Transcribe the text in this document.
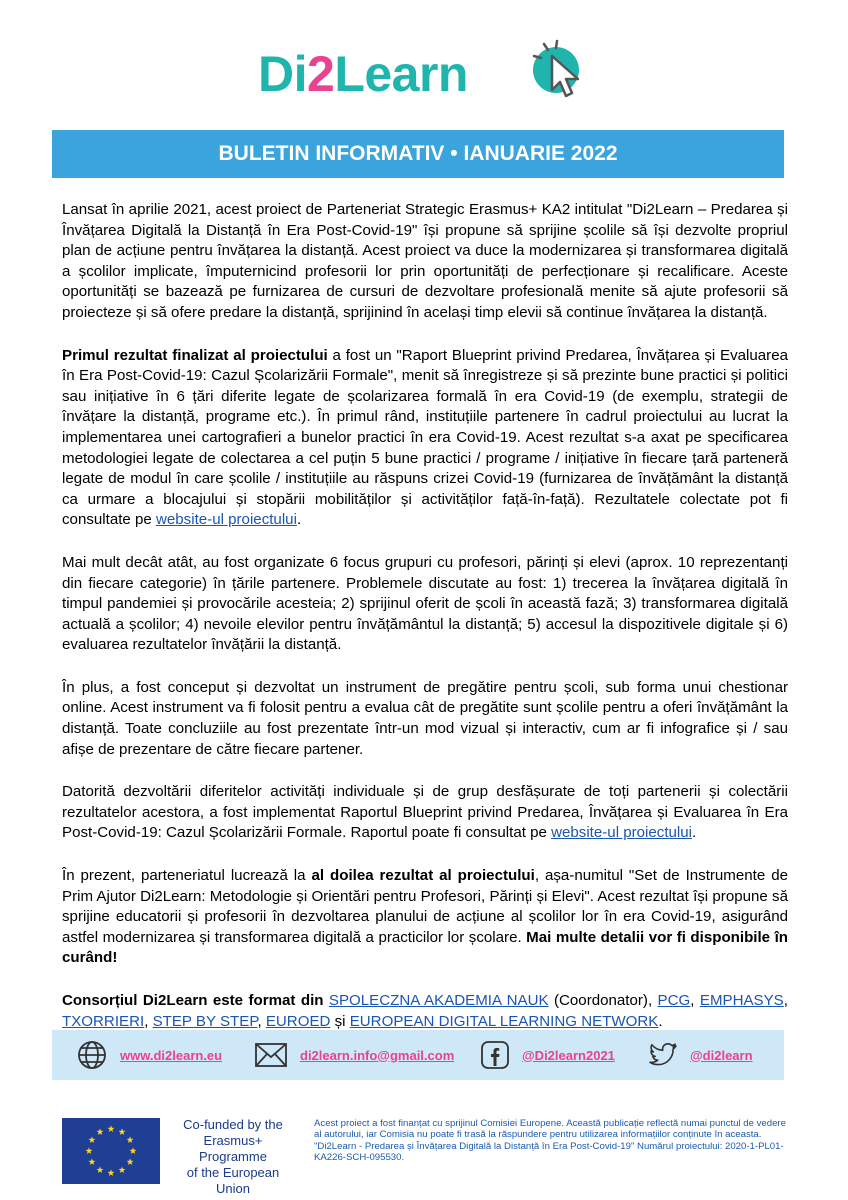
Di2Learn
BULETIN INFORMATIV • IANUARIE 2022

Lansat în aprilie 2021, acest proiect de Parteneriat Strategic Erasmus+ KA2 intitulat "Di2Learn – Predarea și Învățarea Digitală la Distanță în Era Post-Covid-19" își propune să sprijine școlile să își dezvolte propriul plan de acțiune pentru învățarea la distanță. Acest proiect va duce la modernizarea și transformarea digitală a școlilor implicate, împuternicind profesorii lor prin oportunități de perfecționare și recalificare. Aceste oportunități se bazează pe furnizarea de cursuri de dezvoltare profesională menite să ajute profesorii să proiecteze și să ofere predare la distanță, sprijinind în același timp elevii să continue învățarea la distanță.

Primul rezultat finalizat al proiectului a fost un "Raport Blueprint privind Predarea, Învățarea și Evaluarea în Era Post-Covid-19: Cazul Școlarizării Formale", menit să înregistreze și să prezinte bune practici și politici sau inițiative în 6 țări diferite legate de școlarizarea formală în era Covid-19 (de exemplu, strategii de învățare la distanță, programe etc.). În primul rând, instituțiile partenere în cadrul proiectului au lucrat la implementarea unei cartografieri a bunelor practici în era Covid-19. Acest rezultat s-a axat pe specificarea metodologiei legate de colectarea a cel puțin 5 bune practici / programe / inițiative în fiecare țară parteneră legate de modul în care școlile / instituțiile au răspuns crizei Covid-19 (furnizarea de învățământ la distanță ca urmare a blocajului și stopării mobilităților și activităților față-în-față). Rezultatele colectate pot fi consultate pe website-ul proiectului.

Mai mult decât atât, au fost organizate 6 focus grupuri cu profesori, părinți și elevi (aprox. 10 reprezentanți din fiecare categorie) în țările partenere. Problemele discutate au fost: 1) trecerea la învățarea digitală în timpul pandemiei și provocările acesteia; 2) sprijinul oferit de școli în această fază; 3) transformarea digitală actuală a școlilor; 4) nevoile elevilor pentru învățământul la distanță; 5) accesul la dispozitivele digitale și 6) evaluarea rezultatelor învățării la distanță.

În plus, a fost conceput și dezvoltat un instrument de pregătire pentru școli, sub forma unui chestionar online. Acest instrument va fi folosit pentru a evalua cât de pregătite sunt școlile pentru a oferi învățământ la distanță. Toate concluziile au fost prezentate într-un mod vizual și interactiv, cum ar fi infografice și / sau afișe de prezentare de către fiecare partener.

Datorită dezvoltării diferitelor activități individuale și de grup desfășurate de toți partenerii și colectării rezultatelor acestora, a fost implementat Raportul Blueprint privind Predarea, Învățarea și Evaluarea în Era Post-Covid-19: Cazul Școlarizării Formale. Raportul poate fi consultat pe website-ul proiectului.

În prezent, parteneriatul lucrează la al doilea rezultat al proiectului, așa-numitul "Set de Instrumente de Prim Ajutor Di2Learn: Metodologie și Orientări pentru Profesori, Părinți și Elevi". Acest rezultat își propune să sprijine educatorii și profesorii în dezvoltarea planului de acțiune al școlilor lor în era Covid-19, asigurând astfel modernizarea și transformarea digitală a practicilor lor școlare. Mai multe detalii vor fi disponibile în curând!

Consorțiul Di2Learn este format din SPOLECZNA AKADEMIA NAUK (Coordonator), PCG, EMPHASYS, TXORRIERI, STEP BY STEP, EUROED și EUROPEAN DIGITAL LEARNING NETWORK.

www.di2learn.eu	di2learn.info@gmail.com	@Di2learn2021	@di2learn
Co-funded by the
Erasmus+ Programme
of the European Union
Acest proiect a fost finanțat cu sprijinul Comisiei Europene. Această publicație reflectă numai punctul de vedere al autorului, iar Comisia nu poate fi trasă la răspundere pentru utilizarea informațiilor conținute în aceasta. "Di2Learn - Predarea și Învățarea Digitală la Distanță în Era Post-Covid-19" Numărul proiectului: 2020-1-PL01-KA226-SCH-095530.
